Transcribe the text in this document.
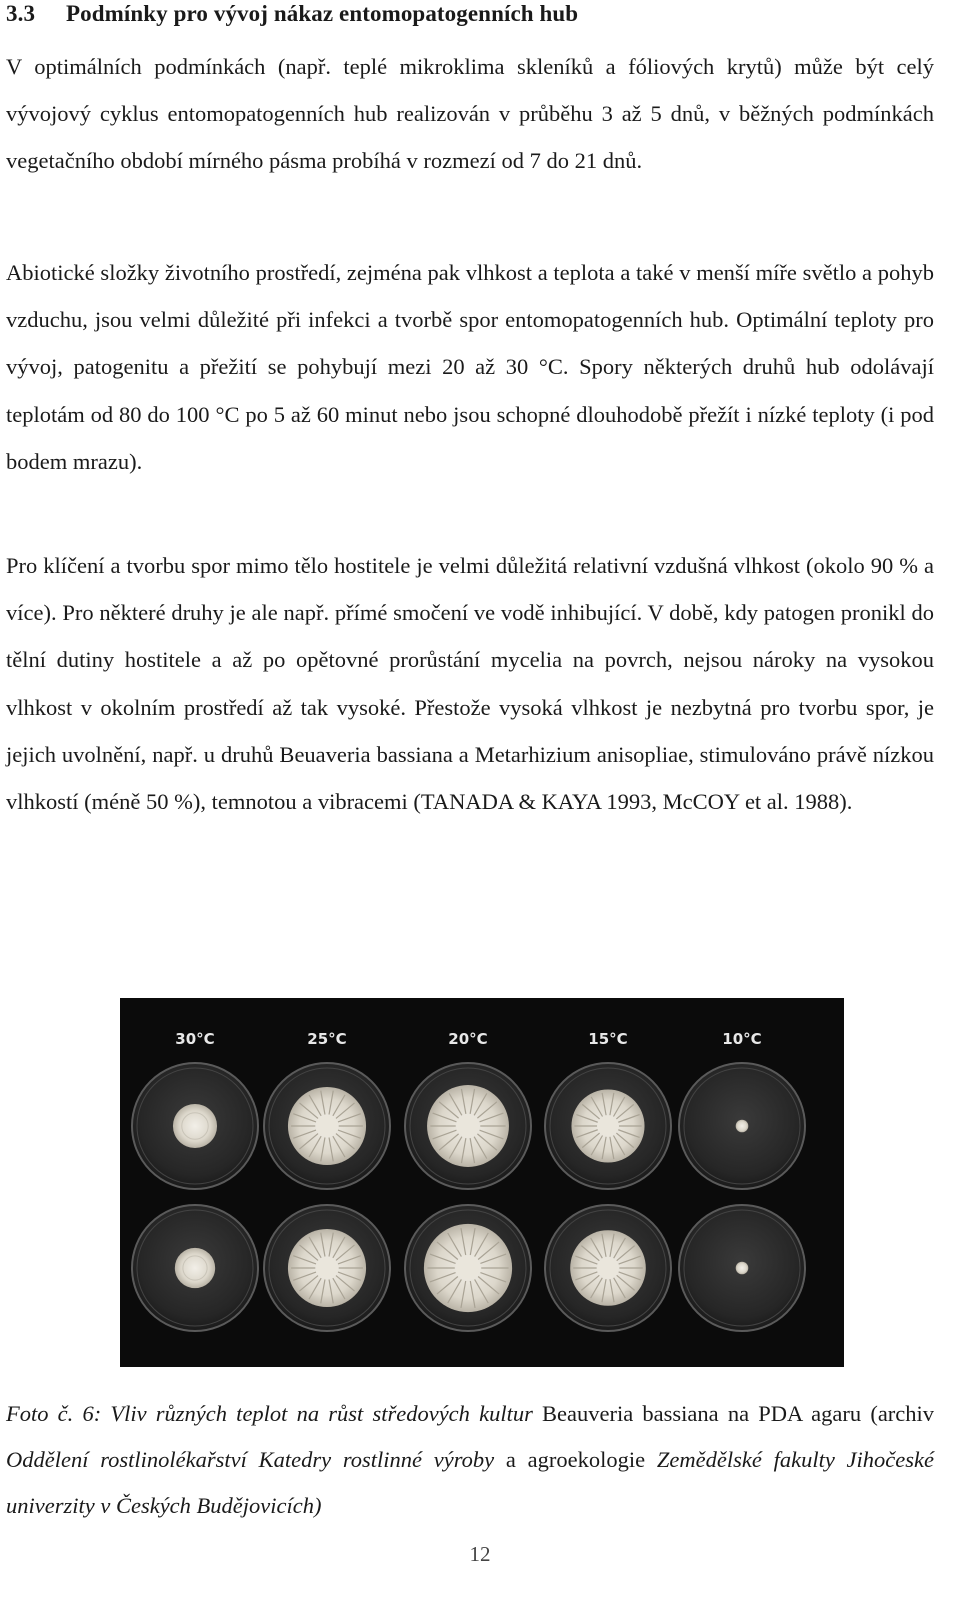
3.3 Podmínky pro vývoj nákaz entomopatogenních hub

V optimálních podmínkách (např. teplé mikroklima skleníků a fóliových krytů) může být celý vývojový cyklus entomopatogenních hub realizován v průběhu 3 až 5 dnů, v běžných podmínkách vegetačního období mírného pásma probíhá v rozmezí od 7 do 21 dnů.

Abiotické složky životního prostředí, zejména pak vlhkost a teplota a také v menší míře světlo a pohyb vzduchu, jsou velmi důležité při infekci a tvorbě spor entomopatogenních hub. Optimální teploty pro vývoj, patogenitu a přežití se pohybují mezi 20 až 30 °C. Spory některých druhů hub odolávají teplotám od 80 do 100 °C po 5 až 60 minut nebo jsou schopné dlouhodobě přežít i nízké teploty (i pod bodem mrazu).

Pro klíčení a tvorbu spor mimo tělo hostitele je velmi důležitá relativní vzdušná vlhkost (okolo 90 % a více). Pro některé druhy je ale např. přímé smočení ve vodě inhibující. V době, kdy patogen pronikl do tělní dutiny hostitele a až po opětovné prorůstání mycelia na povrch, nejsou nároky na vysokou vlhkost v okolním prostředí až tak vysoké. Přestože vysoká vlhkost je nezbytná pro tvorbu spor, je jejich uvolnění, např. u druhů Beuaveria bassiana a Metarhizium anisopliae, stimulováno právě nízkou vlhkostí (méně 50 %), temnotou a vibracemi (TANADA & KAYA 1993, McCOY et al. 1988).

30°C	25°C	20°C	15°C	10°C

Foto č. 6: Vliv různých teplot na růst středových kultur Beauveria bassiana na PDA agaru (archiv Oddělení rostlinolékařství Katedry rostlinné výroby a agroekologie Zemědělské fakulty Jihočeské univerzity v Českých Budějovicích)

12
